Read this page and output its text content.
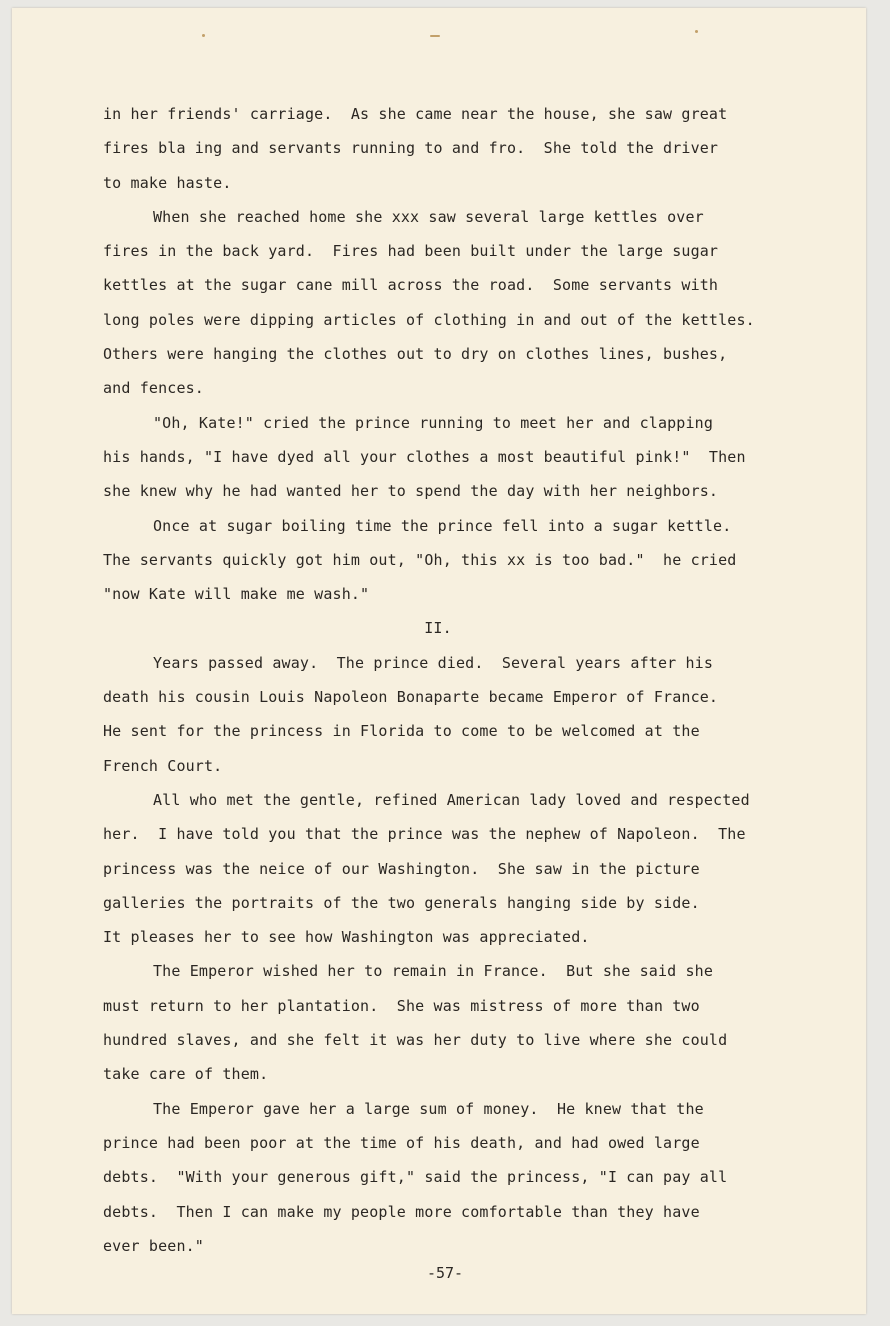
in her friends' carriage.  As she came near the house, she saw great
fires bla ing and servants running to and fro.  She told the driver
to make haste.
When she reached home she xxx saw several large kettles over
fires in the back yard.  Fires had been built under the large sugar
kettles at the sugar cane mill across the road.  Some servants with
long poles were dipping articles of clothing in and out of the kettles.
Others were hanging the clothes out to dry on clothes lines, bushes,
and fences.
"Oh, Kate!" cried the prince running to meet her and clapping
his hands, "I have dyed all your clothes a most beautiful pink!"  Then
she knew why he had wanted her to spend the day with her neighbors.
Once at sugar boiling time the prince fell into a sugar kettle.
The servants quickly got him out, "Oh, this xx is too bad."  he cried
"now Kate will make me wash."
II.
Years passed away.  The prince died.  Several years after his
death his cousin Louis Napoleon Bonaparte became Emperor of France.
He sent for the princess in Florida to come to be welcomed at the
French Court.
All who met the gentle, refined American lady loved and respected
her.  I have told you that the prince was the nephew of Napoleon.  The
princess was the neice of our Washington.  She saw in the picture
galleries the portraits of the two generals hanging side by side.
It pleases her to see how Washington was appreciated.
The Emperor wished her to remain in France.  But she said she
must return to her plantation.  She was mistress of more than two
hundred slaves, and she felt it was her duty to live where she could
take care of them.
The Emperor gave her a large sum of money.  He knew that the
prince had been poor at the time of his death, and had owed large
debts.  "With your generous gift," said the princess, "I can pay all
debts.  Then I can make my people more comfortable than they have
ever been."
-57-
